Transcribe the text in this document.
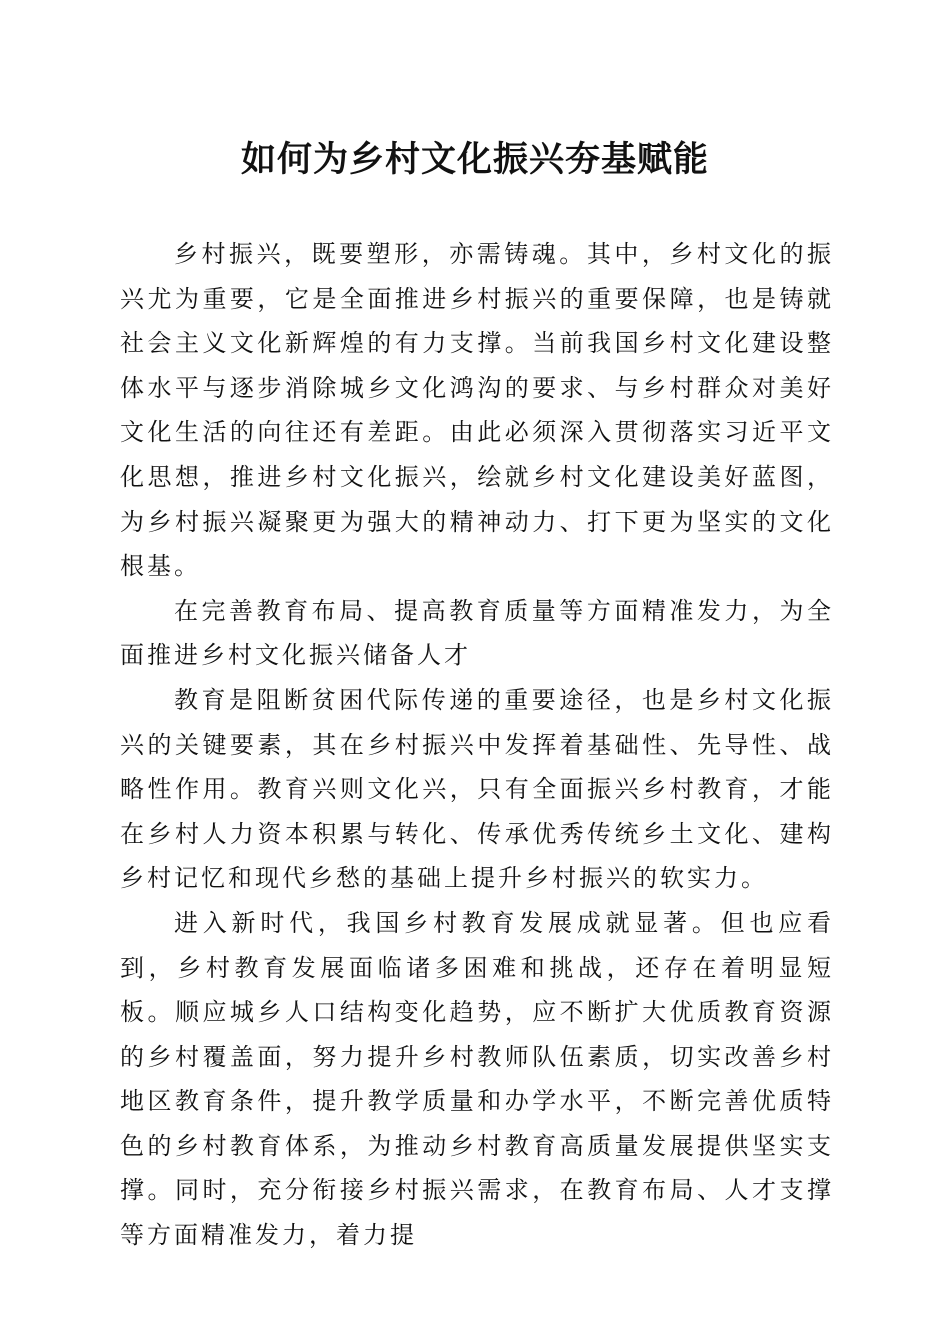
如何为乡村文化振兴夯基赋能

乡村振兴，既要塑形，亦需铸魂。其中，乡村文化的振兴尤为重要，它是全面推进乡村振兴的重要保障，也是铸就社会主义文化新辉煌的有力支撑。当前我国乡村文化建设整体水平与逐步消除城乡文化鸿沟的要求、与乡村群众对美好文化生活的向往还有差距。由此必须深入贯彻落实习近平文化思想，推进乡村文化振兴，绘就乡村文化建设美好蓝图，为乡村振兴凝聚更为强大的精神动力、打下更为坚实的文化根基。

在完善教育布局、提高教育质量等方面精准发力，为全面推进乡村文化振兴储备人才

教育是阻断贫困代际传递的重要途径，也是乡村文化振兴的关键要素，其在乡村振兴中发挥着基础性、先导性、战略性作用。教育兴则文化兴，只有全面振兴乡村教育，才能在乡村人力资本积累与转化、传承优秀传统乡土文化、建构乡村记忆和现代乡愁的基础上提升乡村振兴的软实力。

进入新时代，我国乡村教育发展成就显著。但也应看到，乡村教育发展面临诸多困难和挑战，还存在着明显短板。顺应城乡人口结构变化趋势，应不断扩大优质教育资源的乡村覆盖面，努力提升乡村教师队伍素质，切实改善乡村地区教育条件，提升教学质量和办学水平，不断完善优质特色的乡村教育体系，为推动乡村教育高质量发展提供坚实支撑。同时，充分衔接乡村振兴需求，在教育布局、人才支撑等方面精准发力，着力提
